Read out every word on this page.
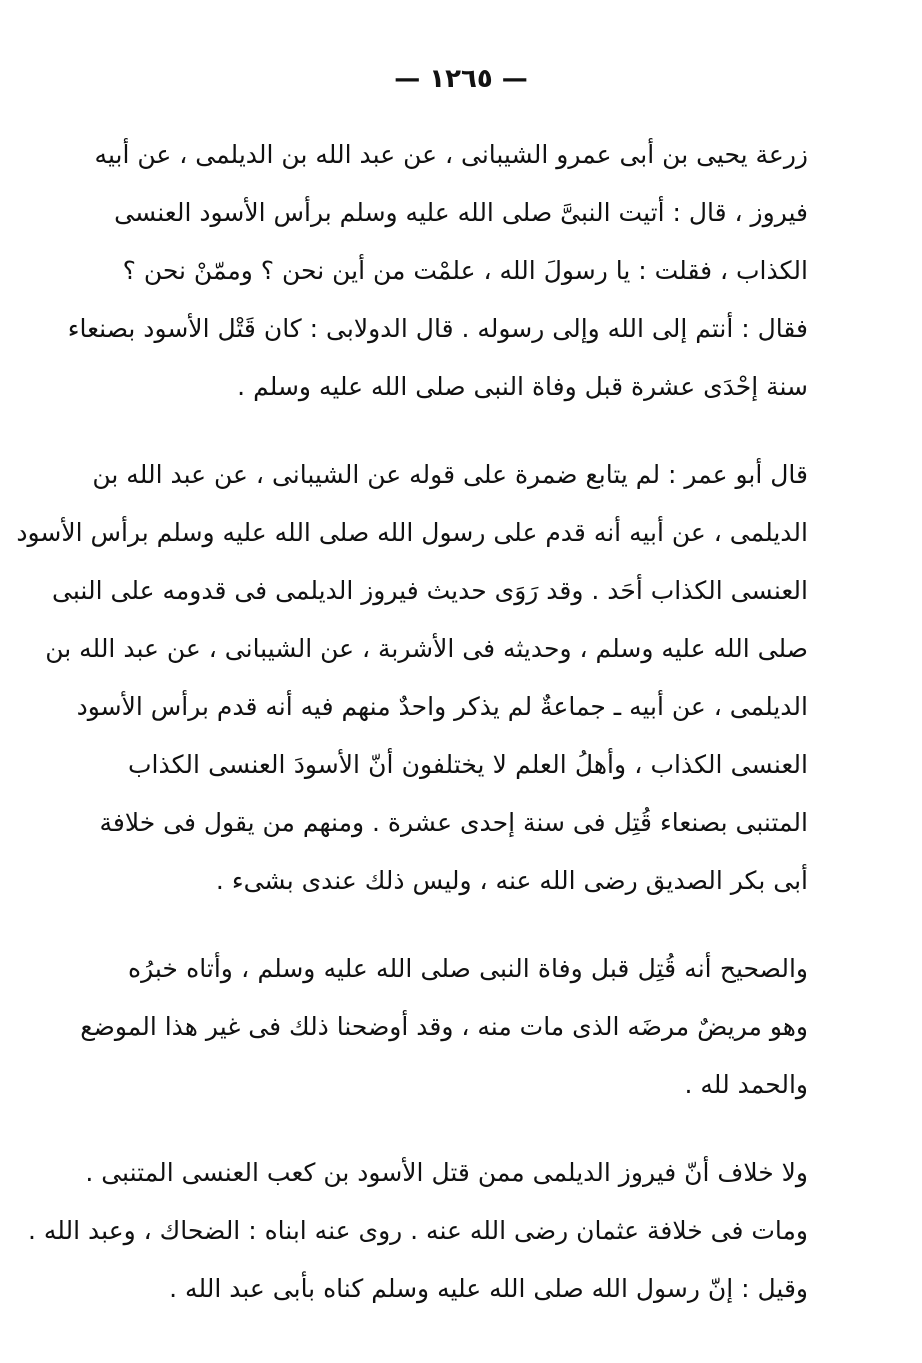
— ١٢٦٥ —

زرعة يحيى بن أبى عمرو الشيبانى ، عن عبد الله بن الديلمى ، عن أبيه
فيروز ، قال : أتيت النبىَّ صلى الله عليه وسلم برأس الأسود العنسى
الكذاب ، فقلت : يا رسولَ الله ، علمْت من أين نحن ؟ وممّنْ نحن ؟
فقال : أنتم إلى الله وإلى رسوله . قال الدولابى : كان قَتْل الأسود بصنعاء
سنة إحْدَى عشرة قبل وفاة النبى صلى الله عليه وسلم .

قال أبو عمر : لم يتابع ضمرة على قوله عن الشيبانى ، عن عبد الله بن
الديلمى ، عن أبيه أنه قدم على رسول الله صلى الله عليه وسلم برأس الأسود
العنسى الكذاب أحَد . وقد رَوَى حديث فيروز الديلمى فى قدومه على النبى
صلى الله عليه وسلم ، وحديثه فى الأشربة ، عن الشيبانى ، عن عبد الله بن
الديلمى ، عن أبيه ـ جماعةٌ لم يذكر واحدٌ منهم فيه أنه قدم برأس الأسود
العنسى الكذاب ، وأهلُ العلم لا يختلفون أنّ الأسودَ العنسى الكذاب
المتنبى بصنعاء قُتِل فى سنة إحدى عشرة . ومنهم من يقول فى خلافة
أبى بكر الصديق رضى الله عنه ، وليس ذلك عندى بشىء .

والصحيح أنه قُتِل قبل وفاة النبى صلى الله عليه وسلم ، وأتاه خبرُه
وهو مريضٌ مرضَه الذى مات منه ، وقد أوضحنا ذلك فى غير هذا الموضع
والحمد لله .

ولا خلاف أنّ فيروز الديلمى ممن قتل الأسود بن كعب العنسى المتنبى .
ومات فى خلافة عثمان رضى الله عنه . روى عنه ابناه : الضحاك ، وعبد الله .
وقيل : إنّ رسول الله صلى الله عليه وسلم كناه بأبى عبد الله .
